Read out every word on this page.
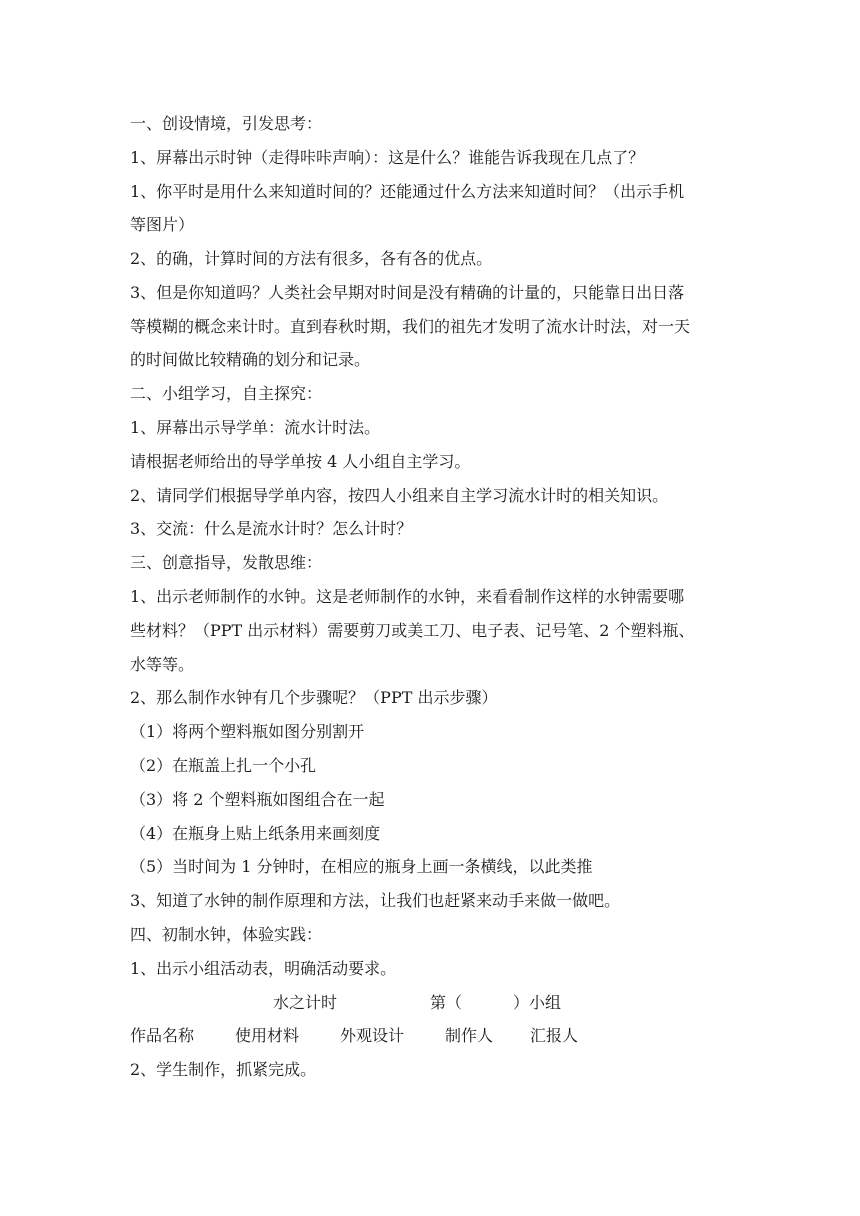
一、创设情境，引发思考：
1、屏幕出示时钟（走得咔咔声响）：这是什么？谁能告诉我现在几点了？
1、你平时是用什么来知道时间的？还能通过什么方法来知道时间？（出示手机
等图片）
2、的确，计算时间的方法有很多，各有各的优点。
3、但是你知道吗？人类社会早期对时间是没有精确的计量的，只能靠日出日落
等模糊的概念来计时。直到春秋时期，我们的祖先才发明了流水计时法，对一天
的时间做比较精确的划分和记录。
二、小组学习，自主探究：
1、屏幕出示导学单：流水计时法。
请根据老师给出的导学单按 4 人小组自主学习。
2、请同学们根据导学单内容，按四人小组来自主学习流水计时的相关知识。
3、交流：什么是流水计时？怎么计时？
三、创意指导，发散思维：
1、出示老师制作的水钟。这是老师制作的水钟，来看看制作这样的水钟需要哪
些材料？（PPT 出示材料）需要剪刀或美工刀、电子表、记号笔、2 个塑料瓶、
水等等。
2、那么制作水钟有几个步骤呢？（PPT 出示步骤）
（1）将两个塑料瓶如图分别割开
（2）在瓶盖上扎一个小孔
（3）将 2 个塑料瓶如图组合在一起
（4）在瓶身上贴上纸条用来画刻度
（5）当时间为 1 分钟时，在相应的瓶身上画一条横线，以此类推
3、知道了水钟的制作原理和方法，让我们也赶紧来动手来做一做吧。
四、初制水钟，体验实践：
1、出示小组活动表，明确活动要求。
水之计时	第（	）小组
作品名称	使用材料	外观设计	制作人 汇报人
2、学生制作，抓紧完成。
